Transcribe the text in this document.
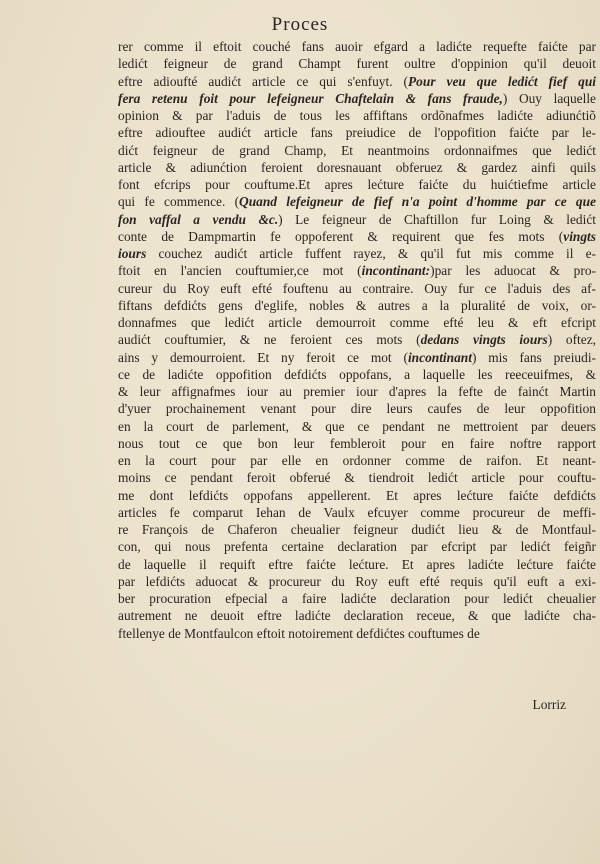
Proces
rer comme il eftoit couché fans auoir efgard a ladićte requefte faićte par
ledićt feigneur de grand Champt furent oultre d'oppinion qu'il deuoit
eftre adioufté audićt article ce qui s'enfuyt. (Pour veu que ledićt fief qui
fera retenu foit pour lefeigneur Chaftelain & fans fraude,) Ouy laquelle
opinion & par l'aduis de tous les affiftans ordõnafmes ladićte adiunćtiõ
eftre adiouftee audićt article fans preiudice de l'oppofition faićte par le-
dićt feigneur de grand Champ, Et neantmoins ordonnaifmes que ledićt
article & adiunćtion feroient doresnauant obferuez & gardez ainfi quils
font efcrips pour couftume.Et apres lećture faićte du huićtiefme article
qui fe commence. (Quand lefeigneur de fief n'a point d'homme par ce que
fon vaffal a vendu &c.) Le feigneur de Chaftillon fur Loing & ledićt
conte de Dampmartin fe oppoferent & requirent que fes mots (vingts
iours couchez audićt article fuffent rayez, & qu'il fut mis comme il e-
ftoit en l'ancien couftumier,ce mot (incontinant:)par les aduocat & pro-
cureur du Roy euft efté fouftenu au contraire. Ouy fur ce l'aduis des af-
fiftans defdićts gens d'eglife, nobles & autres a la pluralité de voix, or-
donnafmes que ledićt article demourroit comme efté leu & eft efcript
audićt couftumier, & ne feroient ces mots (dedans vingts iours) oftez,
ains y demourroient. Et ny feroit ce mot (incontinant) mis fans preiudi-
ce de ladićte oppofition defdićts oppofans, a laquelle les reeceuifmes, &
& leur affignafmes iour au premier iour d'apres la fefte de fainćt Martin
d'yuer prochainement venant pour dire leurs caufes de leur oppofition
en la court de parlement, & que ce pendant ne mettroient par deuers
nous tout ce que bon leur fembleroit pour en faire noftre rapport
en la court pour par elle en ordonner comme de raifon. Et neant-
moins ce pendant feroit obferué & tiendroit ledićt article pour couftu-
me dont lefdićts oppofans appellerent. Et apres lećture faićte defdićts
articles fe comparut Iehan de Vaulx efcuyer comme procureur de meffi-
re François de Chaferon cheualier feigneur dudićt lieu & de Montfaul-
con, qui nous prefenta certaine declaration par efcript par ledićt feigñr
de laquelle il requift eftre faićte lećture. Et apres ladićte lećture faićte
par lefdićts aduocat & procureur du Roy euft efté requis qu'il euft a exi-
ber procuration efpecial a faire ladićte declaration pour ledićt cheualier
autrement ne deuoit eftre ladićte declaration receue, & que ladićte cha-
ftellenye de Montfaulcon eftoit notoirement defdićtes couftumes de
Lorriz
